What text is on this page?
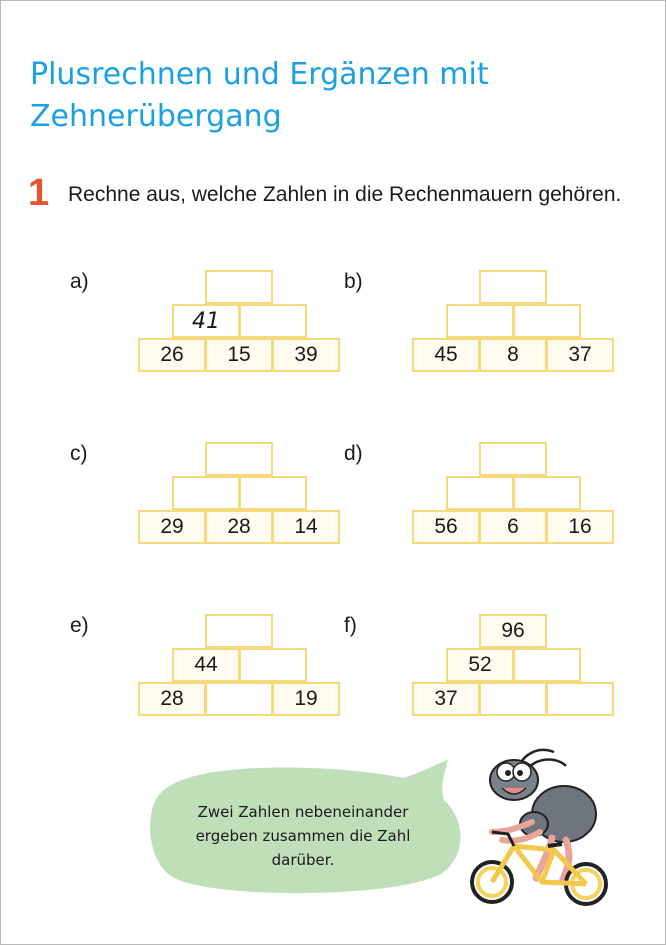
Plusrechnen und Ergänzen mit
Zehnerübergang
1 Rechne aus, welche Zahlen in die Rechenmauern gehören.

a)
41
26	15	39
b)
45	8	37
c)
29	28	14
d)
56	6	16
e)
44
28	19
f)	96
52
37

Zwei Zahlen nebeneinander
ergeben zusammen die Zahl
darüber.
